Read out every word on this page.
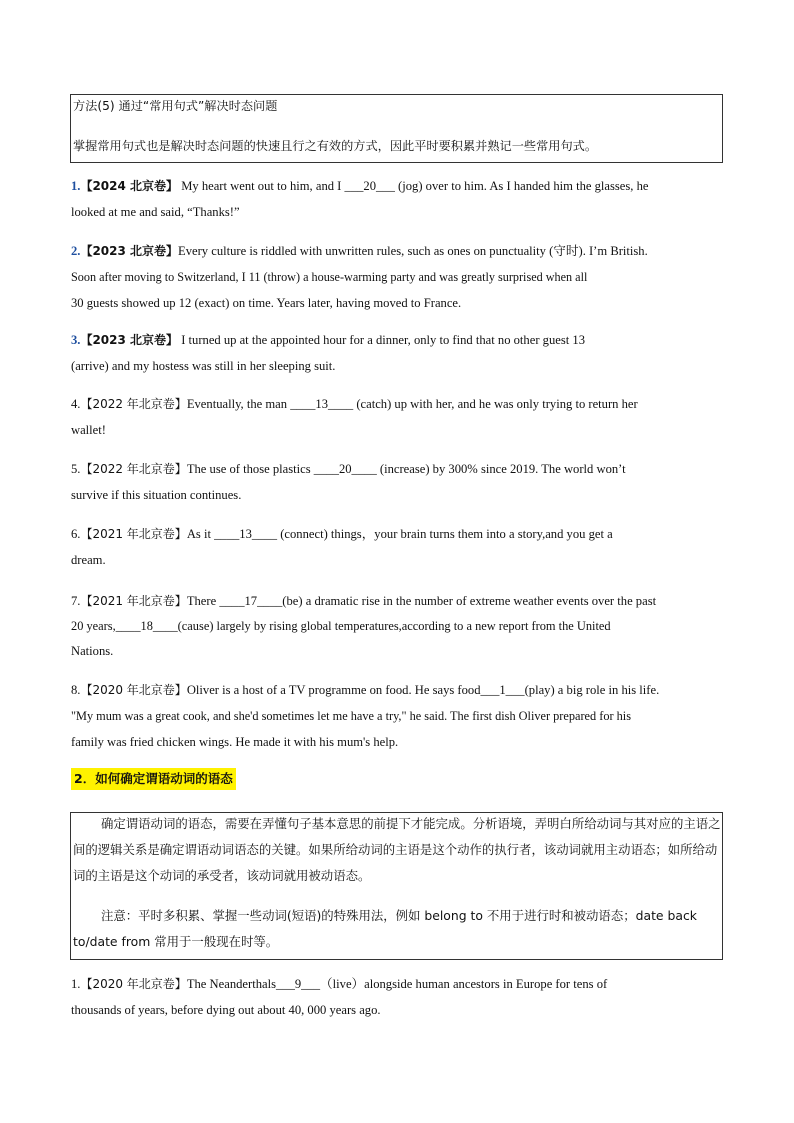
方法(5) 通过“常用句式”解决时态问题
掌握常用句式也是解决时态问题的快速且行之有效的方式，因此平时要积累并熟记一些常用句式。

1.【2024 北京卷】 My heart went out to him, and I ___20___ (jog) over to him. As I handed him the glasses, he

looked at me and said, “Thanks!”

2.【2023 北京卷】Every culture is riddled with unwritten rules, such as ones on punctuality (守时). I’m British.

Soon after moving to Switzerland, I 11 (throw) a house-warming party and was greatly surprised when all

30 guests showed up 12 (exact) on time. Years later, having moved to France.

3.【2023 北京卷】 I turned up at the appointed hour for a dinner, only to find that no other guest 13

(arrive) and my hostess was still in her sleeping suit.

4.【2022 年北京卷】Eventually, the man ____13____ (catch) up with her, and he was only trying to return her

wallet!

5.【2022 年北京卷】The use of those plastics ____20____ (increase) by 300% since 2019. The world won’t

survive if this situation continues.

6.【2021 年北京卷】As it ____13____ (connect) things，your brain turns them into a story,and you get a

dream.

7.【2021 年北京卷】There ____17____(be) a dramatic rise in the number of extreme weather events over the past

20 years,____18____(cause) largely by rising global temperatures,according to a new report from the United

Nations.

8.【2020 年北京卷】Oliver is a host of a TV programme on food. He says food___1___(play) a big role in his life.

"My mum was a great cook, and she'd sometimes let me have a try," he said. The first dish Oliver prepared for his

family was fried chicken wings. He made it with his mum's help.

2．如何确定谓语动词的语态

确定谓语动词的语态，需要在弄懂句子基本意思的前提下才能完成。分析语境，弄明白所给动词与其对应的主语之间的逻辑关系是确定谓语动词语态的关键。如果所给动词的主语是这个动作的执行者，该动词就用主动语态；如所给动词的主语是这个动词的承受者，该动词就用被动语态。

注意：平时多积累、掌握一些动词(短语)的特殊用法，例如 belong to 不用于进行时和被动语态；date back to/date from 常用于一般现在时等。

1.【2020 年北京卷】The Neanderthals___9___（live）alongside human ancestors in Europe for tens of

thousands of years, before dying out about 40, 000 years ago.
